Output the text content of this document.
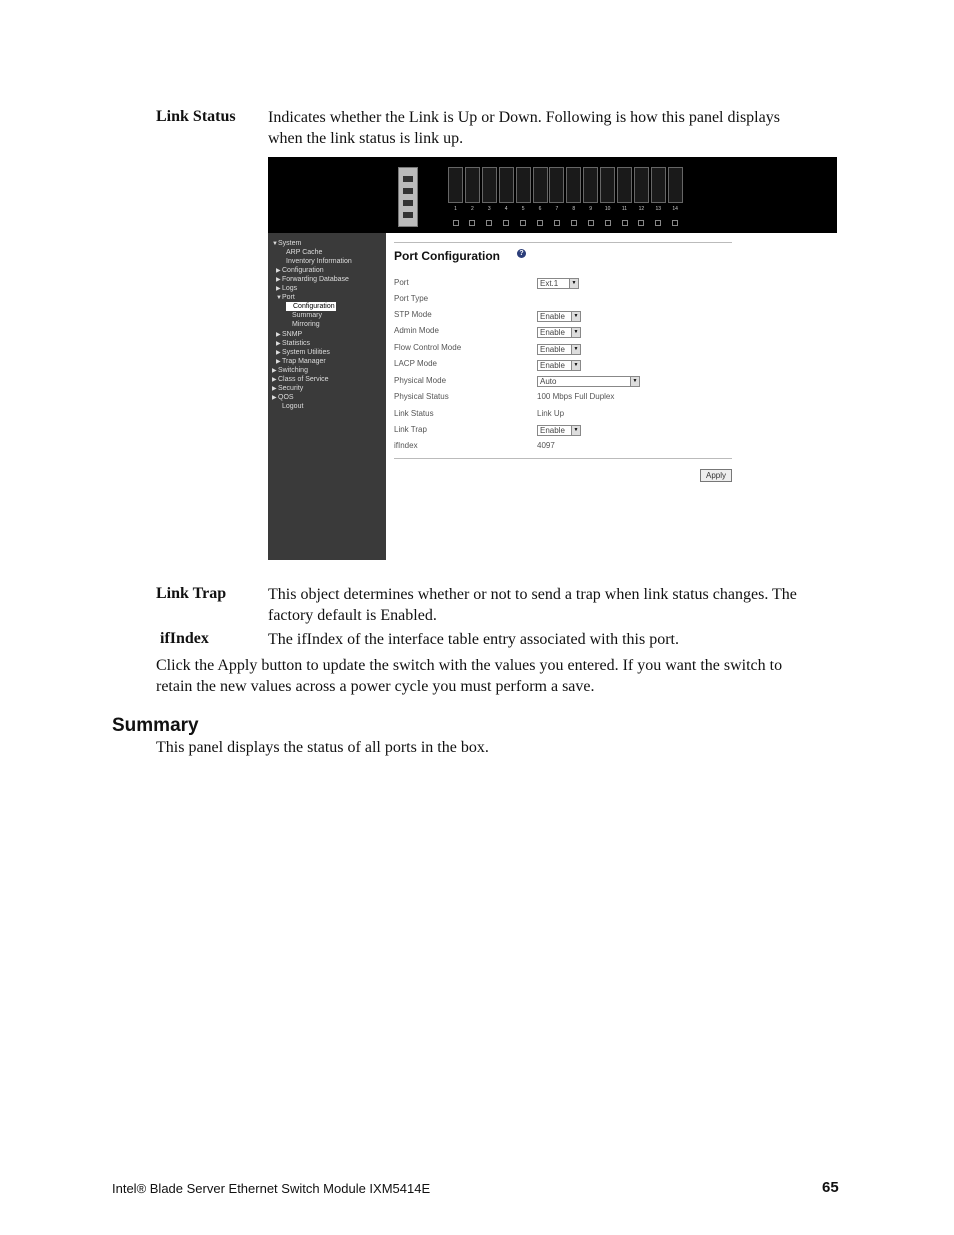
Link Status Indicates whether the Link is Up or Down. Following is how this panel displays
when the link status is link up.
1	2	3	4	5	6	7	8	9	10	11	12	13	14
▼System
ARP Cache
Inventory Information
▶Configuration
▶Forwarding Database
▶Logs
▼Port
Configuration
Summary
Mirroring
▶SNMP
▶Statistics
▶System Utilities
▶Trap Manager
▶Switching
▶Class of Service
▶Security
▶QOS
Logout
Port Configuration	?
Port	Ext.1	▼
Port Type
STP Mode	Enable	▼
Admin Mode	Enable	▼
Flow Control Mode	Enable	▼
LACP Mode	Enable	▼
Physical Mode	Auto	▼
Physical Status	100 Mbps Full Duplex
Link Status	Link Up
Link Trap	Enable	▼
ifIndex	4097
Apply
Link Trap	This object determines whether or not to send a trap when link status changes. The
factory default is Enabled.
ifIndex	The ifIndex of the interface table entry associated with this port.
Click the Apply button to update the switch with the values you entered. If you want the switch to
retain the new values across a power cycle you must perform a save.
Summary
This panel displays the status of all ports in the box.
Intel® Blade Server Ethernet Switch Module IXM5414E	65
